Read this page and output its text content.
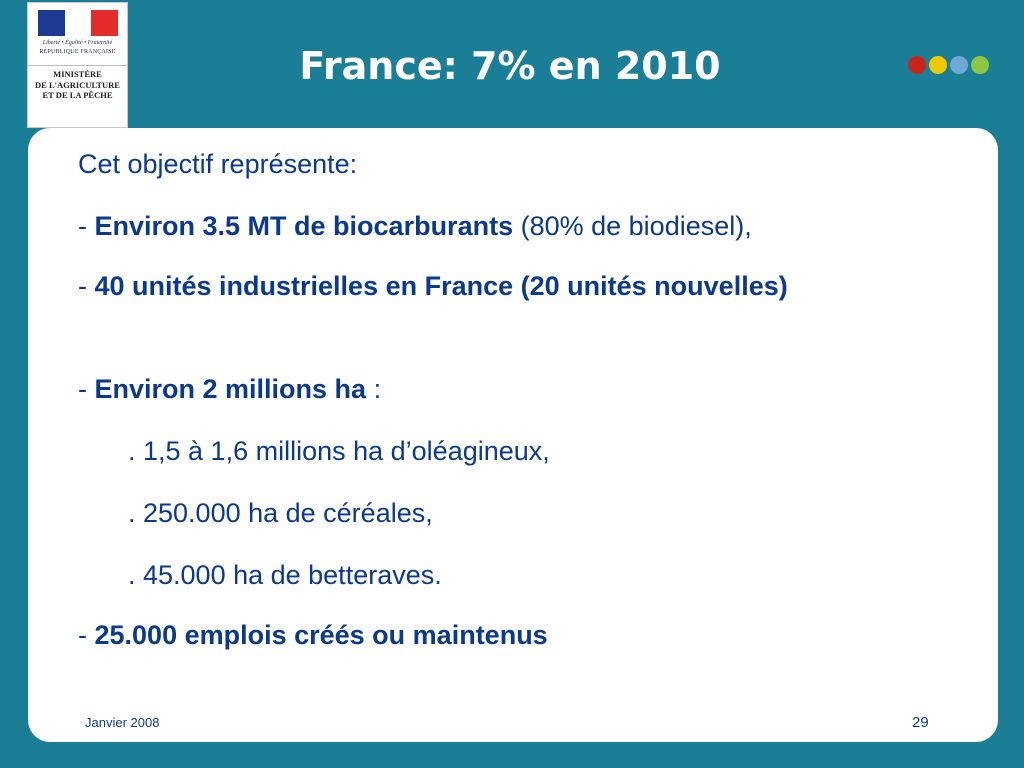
Liberté • Égalité • Fraternité
RÉPUBLIQUE FRANÇAISE
MINISTÈRE
DE L'AGRICULTURE
ET DE LA PÊCHE
France: 7% en 2010
Cet objectif représente:
- Environ 3.5 MT de biocarburants (80% de biodiesel),
- 40 unités industrielles en France (20 unités nouvelles)
- Environ 2 millions ha :
. 1,5 à 1,6 millions ha d’oléagineux,
. 250.000 ha de céréales,
. 45.000 ha de betteraves.
- 25.000 emplois créés ou maintenus
Janvier 2008	29
